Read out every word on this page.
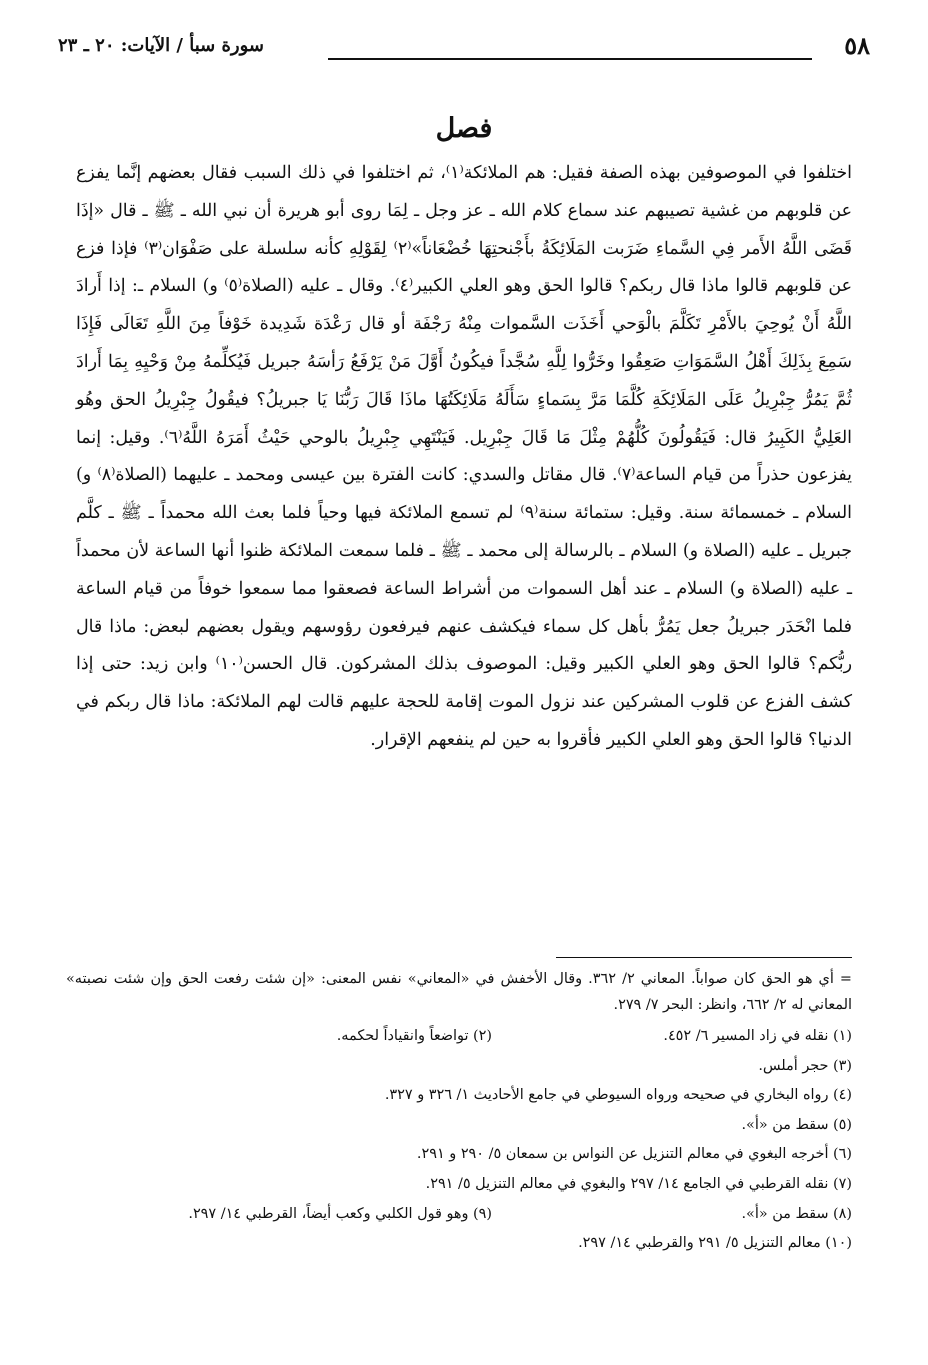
٥٨
سورة سبأ / الآيات: ٢٠ ـ ٢٣
فصل

اختلفوا في الموصوفين بهذه الصفة فقيل: هم الملائكة⁽١⁾، ثم اختلفوا في ذلك السبب فقال بعضهم إنَّما يفزع عن قلوبهم من غشية تصيبهم عند سماع كلام الله ـ عز وجل ـ لِمَا روى أبو هريرة أن نبي الله ـ ﷺ ـ قال «إذَا قَضَى اللَّهُ الأَمر فِي السَّماءِ ضَرَبت المَلَائِكَةُ بأَجْنحتِهَا خُضْعَاناً»⁽٢⁾ لِقَوْلِهِ كأنه سلسلة على صَفْوَان⁽٣⁾ فإذا فزع عن قلوبهم قالوا ماذا قال ربكم؟ قالوا الحق وهو العلي الكبير⁽٤⁾. وقال ـ عليه (الصلاة⁽٥⁾ و) السلام ـ: إذا أَرادَ اللَّهُ أَنْ يُوحِيَ بالأَمْرِ تَكَلَّمَ بالْوَحي أَخَذَت السَّموات مِنْهُ رَجْفَة أو قال رَعْدَة شَدِيدة خَوْفاً مِنَ اللَّهِ تَعَالَى فَإِذَا سَمِعَ بِذَلِكَ أَهْلُ السَّمَوَاتِ صَعِقُوا وخَرُّوا لِلَّهِ سُجَّداً فيكُونُ أَوَّلَ مَنْ يَرْفَعُ رَأسَهُ جبريل فَيُكلِّمهُ مِنْ وَحْيِهِ بِمَا أَرادَ ثُمَّ يَمُرُّ جِبْرِيلُ عَلَى المَلَائِكَةِ كُلَّمَا مَرَّ بِسَماءٍ سَأَلَهُ مَلَائِكَتُهَا ماذَا قَالَ رَبُّنَا يَا جبريلُ؟ فيقُولُ جِبْرِيلُ الحق وهُو العَلِيُّ الكَبِيرُ قال: فَيَقُولُونَ كُلُّهُمْ مِثْلَ مَا قَالَ جِبْرِيل. فَيَنْتَهِي جِبْرِيلُ بالوحي حَيْثُ أَمَرَهُ اللَّهُ⁽٦⁾. وقيل: إنما يفزعون حذراً من قيام الساعة⁽٧⁾. قال مقاتل والسدي: كانت الفترة بين عيسى ومحمد ـ عليهما (الصلاة⁽٨⁾ و) السلام ـ خمسمائة سنة. وقيل: ستمائة سنة⁽٩⁾ لم تسمع الملائكة فيها وحياً فلما بعث الله محمداً ـ ﷺ ـ كلَّم جبريل ـ عليه (الصلاة و) السلام ـ بالرسالة إلى محمد ـ ﷺ ـ فلما سمعت الملائكة ظنوا أنها الساعة لأن محمداً ـ عليه (الصلاة و) السلام ـ عند أهل السموات من أشراط الساعة فصعقوا مما سمعوا خوفاً من قيام الساعة فلما انْحَدَر جبريلُ جعل يَمُرُّ بأهل كل سماء فيكشف عنهم فيرفعون رؤوسهم ويقول بعضهم لبعض: ماذا قال ربُّكم؟ قالوا الحق وهو العلي الكبير وقيل: الموصوف بذلك المشركون. قال الحسن⁽١٠⁾ وابن زيد: حتى إذا كشف الفزع عن قلوب المشركين عند نزول الموت إقامة للحجة عليهم قالت لهم الملائكة: ماذا قال ربكم في الدنيا؟ قالوا الحق وهو العلي الكبير فأقروا به حين لم ينفعهم الإقرار.

= أي هو الحق كان صواباً. المعاني ٢/ ٣٦٢. وقال الأخفش في «المعاني» نفس المعنى: «إن شئت رفعت الحق وإن شئت نصبته» المعاني له ٢/ ٦٦٢، وانظر: البحر ٧/ ٢٧٩.
(١) نقله في زاد المسير ٦/ ٤٥٢.
(٢) تواضعاً وانقياداً لحكمه.
(٣) حجر أملس.
(٤) رواه البخاري في صحيحه ورواه السيوطي في جامع الأحاديث ١/ ٣٢٦ و ٣٢٧.
(٥) سقط من «أ».
(٦) أخرجه البغوي في معالم التنزيل عن النواس بن سمعان ٥/ ٢٩٠ و ٢٩١.
(٧) نقله القرطبي في الجامع ١٤/ ٢٩٧ والبغوي في معالم التنزيل ٥/ ٢٩١.
(٨) سقط من «أ».
(٩) وهو قول الكلبي وكعب أيضاً، القرطبي ١٤/ ٢٩٧.
(١٠) معالم التنزيل ٥/ ٢٩١ والقرطبي ١٤/ ٢٩٧.
